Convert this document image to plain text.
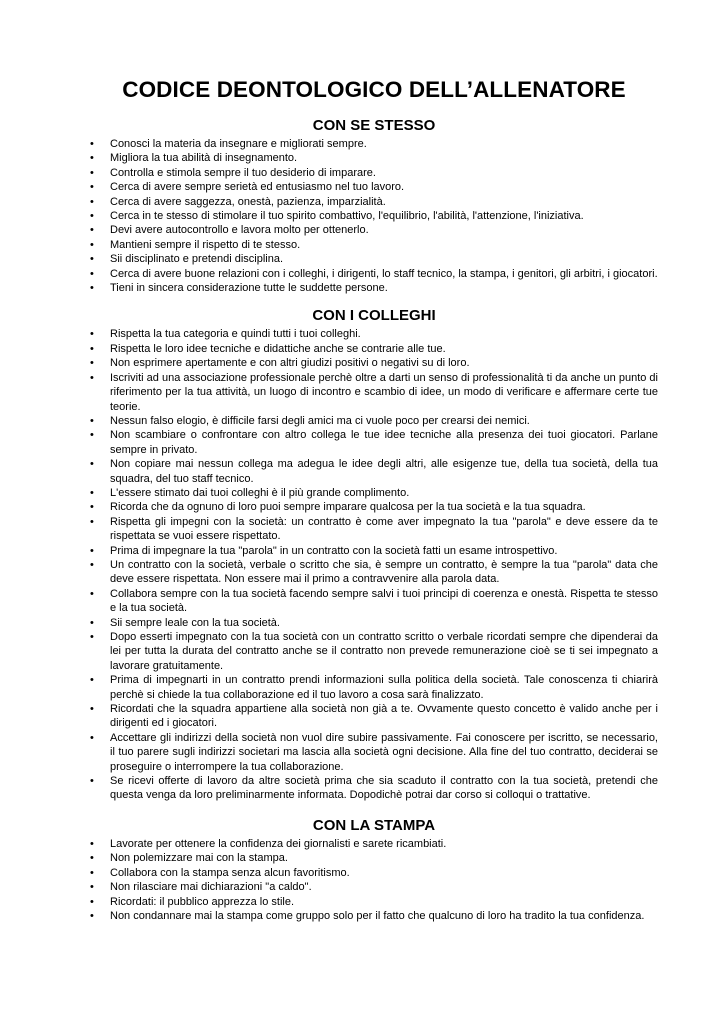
CODICE DEONTOLOGICO DELL’ALLENATORE
CON SE STESSO
• Conosci la materia da insegnare e migliorati sempre.
• Migliora la tua abilità di insegnamento.
• Controlla e stimola sempre il tuo desiderio di imparare.
• Cerca di avere sempre serietà ed entusiasmo nel tuo lavoro.
• Cerca di avere saggezza, onestà, pazienza, imparzialità.
• Cerca in te stesso di stimolare il tuo spirito combattivo, l'equilibrio, l'abilità, l'attenzione, l'iniziativa.
• Devi avere autocontrollo e lavora molto per ottenerlo.
• Mantieni sempre il rispetto di te stesso.
• Sii disciplinato e pretendi disciplina.
• Cerca di avere buone relazioni con i colleghi, i dirigenti, lo staff tecnico, la stampa, i genitori, gli arbitri, i giocatori.
• Tieni in sincera considerazione tutte le suddette persone.
CON I COLLEGHI
• Rispetta la tua categoria e quindi tutti i tuoi colleghi.
• Rispetta le loro idee tecniche e didattiche anche se contrarie alle tue.
• Non esprimere apertamente e con altri giudizi positivi o negativi su di loro.
• Iscriviti ad una associazione professionale perchè oltre a darti un senso di professionalità ti da anche un punto di riferimento per la tua attività, un luogo di incontro e scambio di idee, un modo di verificare e affermare certe tue teorie.
• Nessun falso elogio, è difficile farsi degli amici ma ci vuole poco per crearsi dei nemici.
• Non scambiare o confrontare con altro collega le tue idee tecniche alla presenza dei tuoi giocatori. Parlane sempre in privato.
• Non copiare mai nessun collega ma adegua le idee degli altri, alle esigenze tue, della tua società, della tua squadra, del tuo staff tecnico.
• L'essere stimato dai tuoi colleghi è il più grande complimento.
• Ricorda che da ognuno di loro puoi sempre imparare qualcosa per la tua società e la tua squadra.
• Rispetta gli impegni con la società: un contratto è come aver impegnato la tua "parola" e deve essere da te rispettata se vuoi essere rispettato.
• Prima di impegnare la tua "parola" in un contratto con la società fatti un esame introspettivo.
• Un contratto con la società, verbale o scritto che sia, è sempre un contratto, è sempre la tua "parola" data che deve essere rispettata. Non essere mai il primo a contravvenire alla parola data.
• Collabora sempre con la tua società facendo sempre salvi i tuoi principi di coerenza e onestà. Rispetta te stesso e la tua società.
• Sii sempre leale con la tua società.
• Dopo esserti impegnato con la tua società con un contratto scritto o verbale ricordati sempre che dipenderai da lei per tutta la durata del contratto anche se il contratto non prevede remunerazione cioè se ti sei impegnato a lavorare gratuitamente.
• Prima di impegnarti in un contratto prendi informazioni sulla politica della società. Tale conoscenza ti chiarirà perchè si chiede la tua collaborazione ed il tuo lavoro a cosa sarà finalizzato.
• Ricordati che la squadra appartiene alla società non già a te. Ovvamente questo concetto è valido anche per i dirigenti ed i giocatori.
• Accettare gli indirizzi della società non vuol dire subire passivamente. Fai conoscere per iscritto, se necessario, il tuo parere sugli indirizzi societari ma lascia alla società ogni decisione. Alla fine del tuo contratto, deciderai se proseguire o interrompere la tua collaborazione.
• Se ricevi offerte di lavoro da altre società prima che sia scaduto il contratto con la tua società, pretendi che questa venga da loro preliminarmente informata. Dopodichè potrai dar corso si colloqui o trattative.
CON LA STAMPA
• Lavorate per ottenere la confidenza dei giornalisti e sarete ricambiati.
• Non polemizzare mai con la stampa.
• Collabora con la stampa senza alcun favoritismo.
• Non rilasciare mai dichiarazioni "a caldo".
• Ricordati: il pubblico apprezza lo stile.
• Non condannare mai la stampa come gruppo solo per il fatto che qualcuno di loro ha tradito la tua confidenza.
